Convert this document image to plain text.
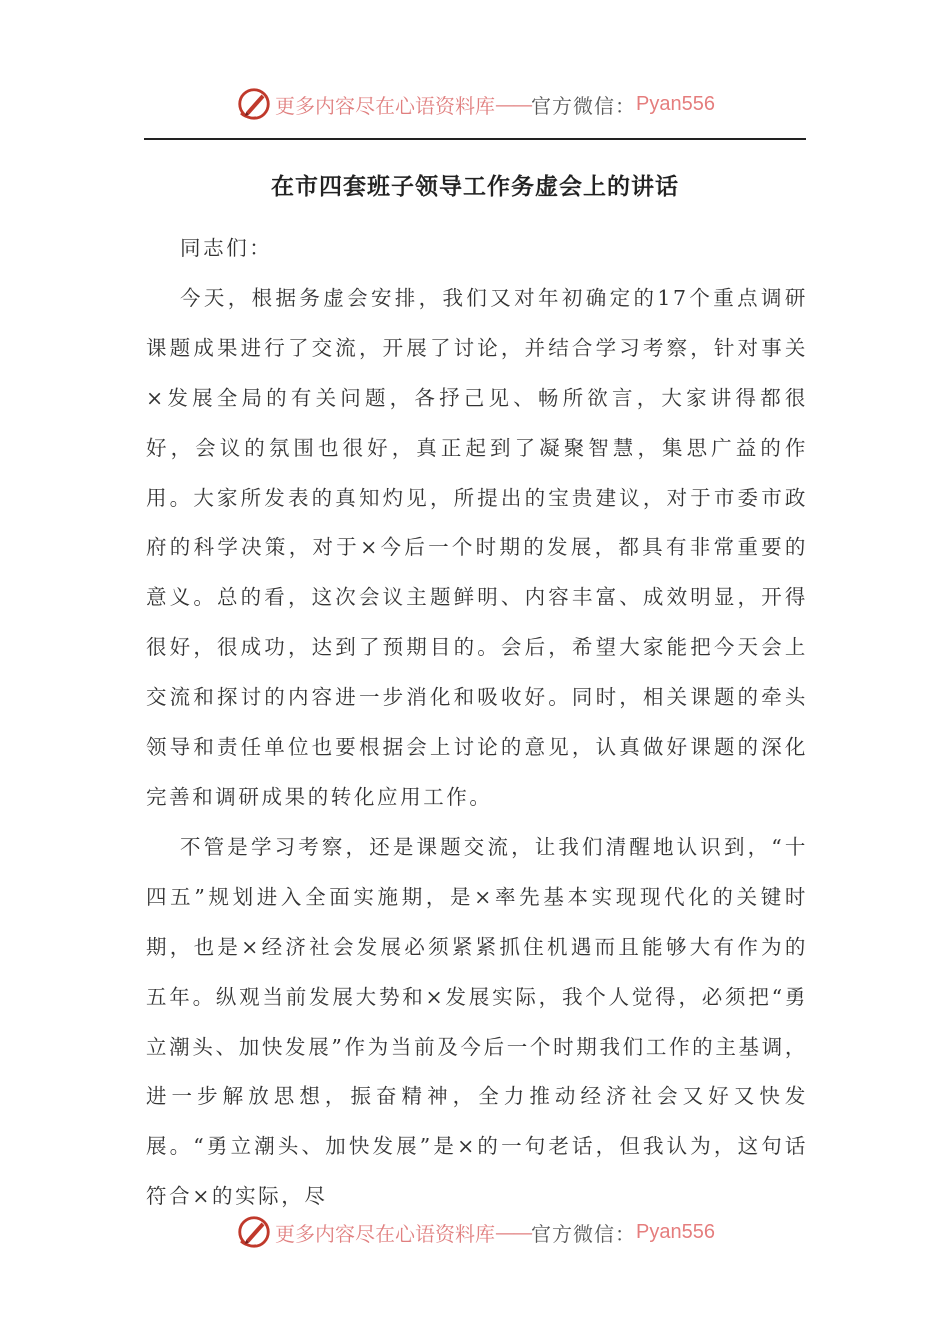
更多内容尽在心语资料库 —— 官方微信： Pyan556
在市四套班子领导工作务虚会上的讲话

同志们：

今天，根据务虚会安排，我们又对年初确定的17个重点调研课题成果进行了交流，开展了讨论，并结合学习考察，针对事关×发展全局的有关问题，各抒己见、畅所欲言，大家讲得都很好，会议的氛围也很好，真正起到了凝聚智慧，集思广益的作用。大家所发表的真知灼见，所提出的宝贵建议，对于市委市政府的科学决策，对于×今后一个时期的发展，都具有非常重要的意义。总的看，这次会议主题鲜明、内容丰富、成效明显，开得很好，很成功，达到了预期目的。会后，希望大家能把今天会上交流和探讨的内容进一步消化和吸收好。同时，相关课题的牵头领导和责任单位也要根据会上讨论的意见，认真做好课题的深化完善和调研成果的转化应用工作。

不管是学习考察，还是课题交流，让我们清醒地认识到，“十四五”规划进入全面实施期，是×率先基本实现现代化的关键时期，也是×经济社会发展必须紧紧抓住机遇而且能够大有作为的五年。纵观当前发展大势和×发展实际，我个人觉得，必须把“勇立潮头、加快发展”作为当前及今后一个时期我们工作的主基调，进一步解放思想，振奋精神，全力推动经济社会又好又快发展。“勇立潮头、加快发展”是×的一句老话，但我认为，这句话符合×的实际，尽

更多内容尽在心语资料库 —— 官方微信： Pyan556
